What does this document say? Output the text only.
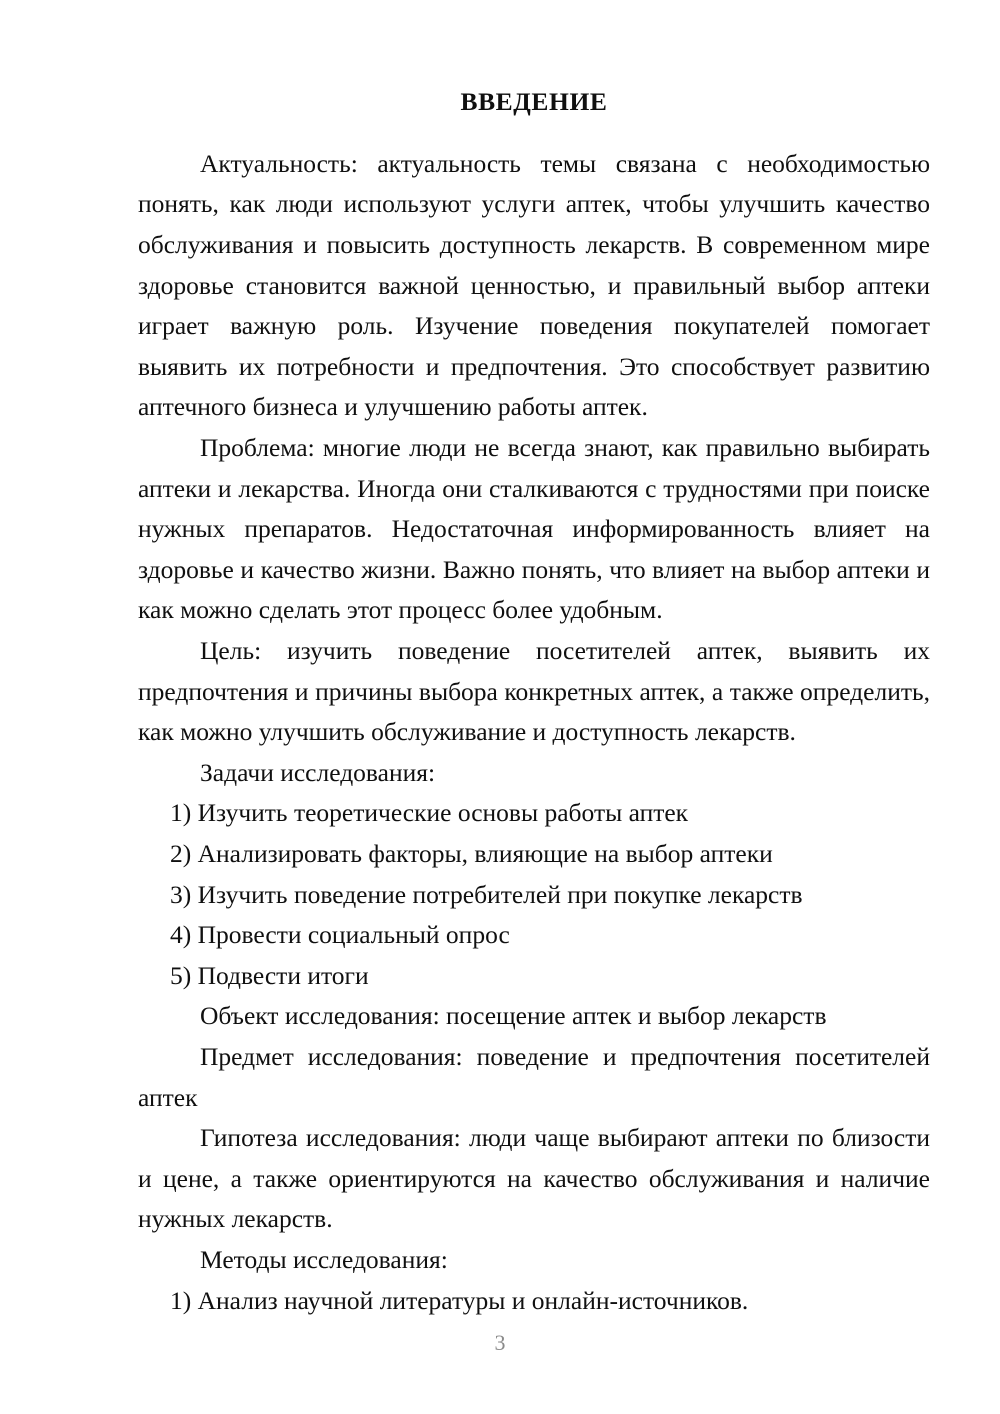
ВВЕДЕНИЕ

Актуальность: актуальность темы связана с необходимостью понять, как люди используют услуги аптек, чтобы улучшить качество обслуживания и повысить доступность лекарств. В современном мире здоровье становится важной ценностью, и правильный выбор аптеки играет важную роль. Изучение поведения покупателей помогает выявить их потребности и предпочтения. Это способствует развитию аптечного бизнеса и улучшению работы аптек.

Проблема: многие люди не всегда знают, как правильно выбирать аптеки и лекарства. Иногда они сталкиваются с трудностями при поиске нужных препаратов. Недостаточная информированность влияет на здоровье и качество жизни. Важно понять, что влияет на выбор аптеки и как можно сделать этот процесс более удобным.

Цель: изучить поведение посетителей аптек, выявить их предпочтения и причины выбора конкретных аптек, а также определить, как можно улучшить обслуживание и доступность лекарств.

Задачи исследования:

1) Изучить теоретические основы работы аптек

2) Анализировать факторы, влияющие на выбор аптеки

3) Изучить поведение потребителей при покупке лекарств

4) Провести социальный опрос

5) Подвести итоги

Объект исследования: посещение аптек и выбор лекарств

Предмет исследования: поведение и предпочтения посетителей аптек

Гипотеза исследования: люди чаще выбирают аптеки по близости и цене, а также ориентируются на качество обслуживания и наличие нужных лекарств.

Методы исследования:

1) Анализ научной литературы и онлайн-источников.

3
